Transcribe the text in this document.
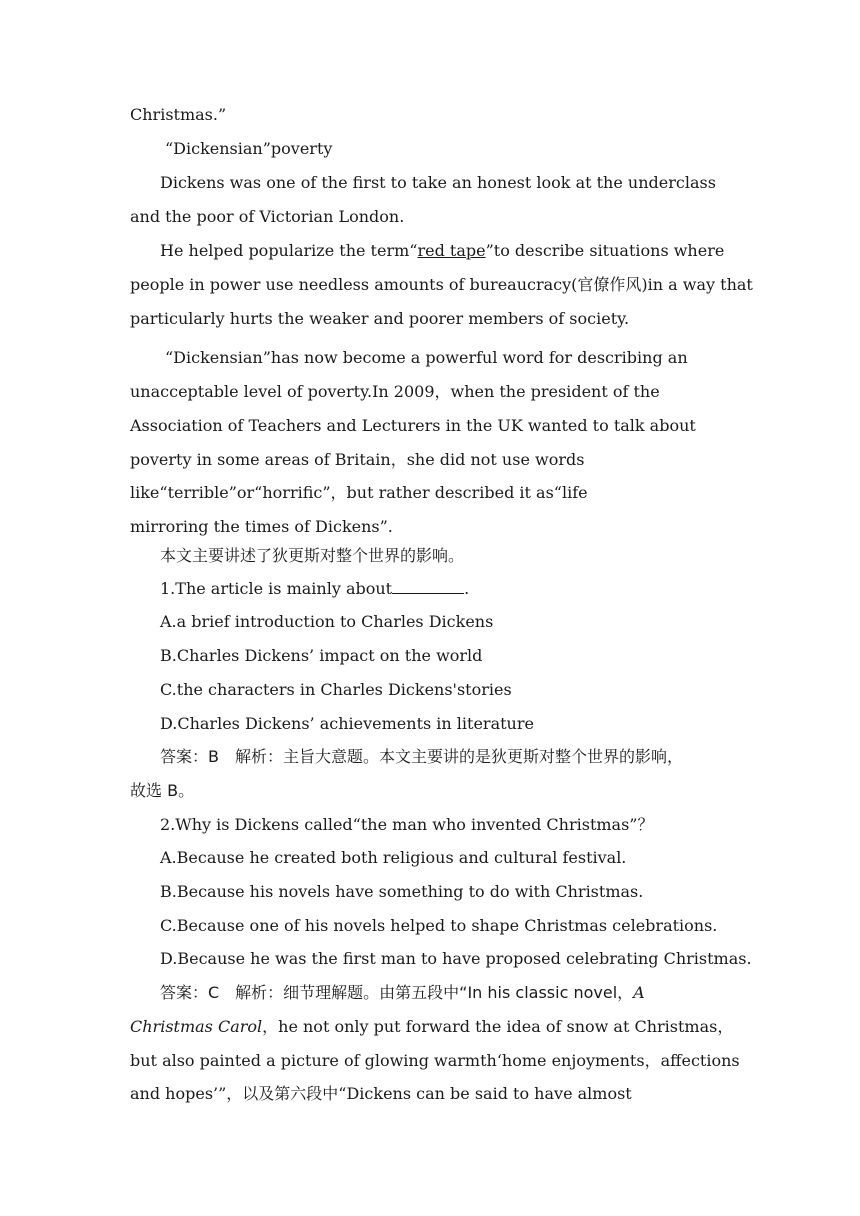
Christmas.”
“Dickensian”poverty
Dickens was one of the first to take an honest look at the underclass
and the poor of Victorian London.
He helped popularize the term“red tape”to describe situations where
people in power use needless amounts of bureaucracy(官僚作风)in a way that
particularly hurts the weaker and poorer members of society.
“Dickensian”has now become a powerful word for describing an
unacceptable level of poverty.In 2009，when the president of the
Association of Teachers and Lecturers in the UK wanted to talk about
poverty in some areas of Britain，she did not use words
like“terrible”or“horrific”，but rather described it as“life
mirroring the times of Dickens”.
本文主要讲述了狄更斯对整个世界的影响。
1.The article is mainly about	.
A.a brief introduction to Charles Dickens
B.Charles Dickens’ impact on the world
C.the characters in Charles Dickens'stories
D.Charles Dickens’ achievements in literature
答案：B　解析：主旨大意题。本文主要讲的是狄更斯对整个世界的影响，
故选 B。
2.Why is Dickens called“the man who invented Christmas”？
A.Because he created both religious and cultural festival.
B.Because his novels have something to do with Christmas.
C.Because one of his novels helped to shape Christmas celebrations.
D.Because he was the first man to have proposed celebrating Christmas.
答案：C　解析：细节理解题。由第五段中“In his classic novel，A
Christmas Carol，he not only put forward the idea of snow at Christmas，
but also painted a picture of glowing warmth‘home enjoyments，affections
and hopes’”，以及第六段中“Dickens can be said to have almost
